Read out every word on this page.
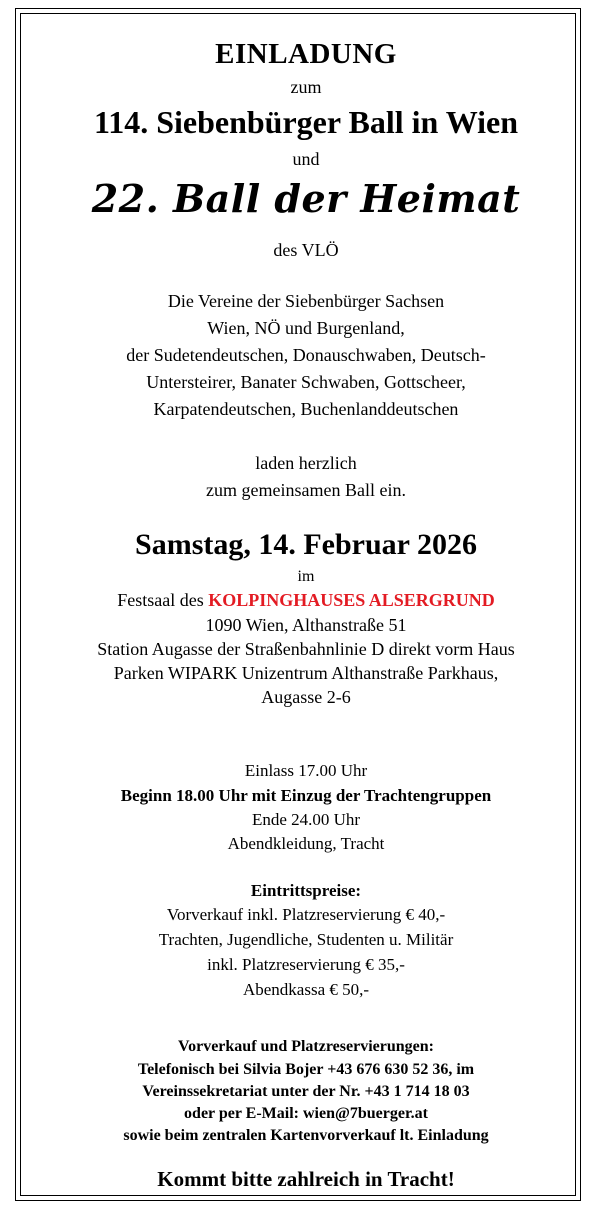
EINLADUNG
zum
114. Siebenbürger Ball in Wien
und
22. Ball der Heimat
des VLÖ
Die Vereine der Siebenbürger Sachsen
Wien, NÖ und Burgenland,
der Sudetendeutschen, Donauschwaben, Deutsch-
Untersteirer, Banater Schwaben, Gottscheer,
Karpatendeutschen, Buchenlanddeutschen
laden herzlich
zum gemeinsamen Ball ein.
Samstag, 14. Februar 2026
im
Festsaal des KOLPINGHAUSES ALSERGRUND
1090 Wien, Althanstraße 51
Station Augasse der Straßenbahnlinie D direkt vorm Haus
Parken WIPARK Unizentrum Althanstraße Parkhaus,
Augasse 2-6
Einlass 17.00 Uhr
Beginn 18.00 Uhr mit Einzug der Trachtengruppen
Ende 24.00 Uhr
Abendkleidung, Tracht
Eintrittspreise:
Vorverkauf inkl. Platzreservierung € 40,-
Trachten, Jugendliche, Studenten u. Militär
inkl. Platzreservierung € 35,-
Abendkassa € 50,-
Vorverkauf und Platzreservierungen:
Telefonisch bei Silvia Bojer +43 676 630 52 36, im
Vereinssekretariat unter der Nr. +43 1 714 18 03
oder per E-Mail: wien@7buerger.at
sowie beim zentralen Kartenvorverkauf lt. Einladung
Kommt bitte zahlreich in Tracht!
